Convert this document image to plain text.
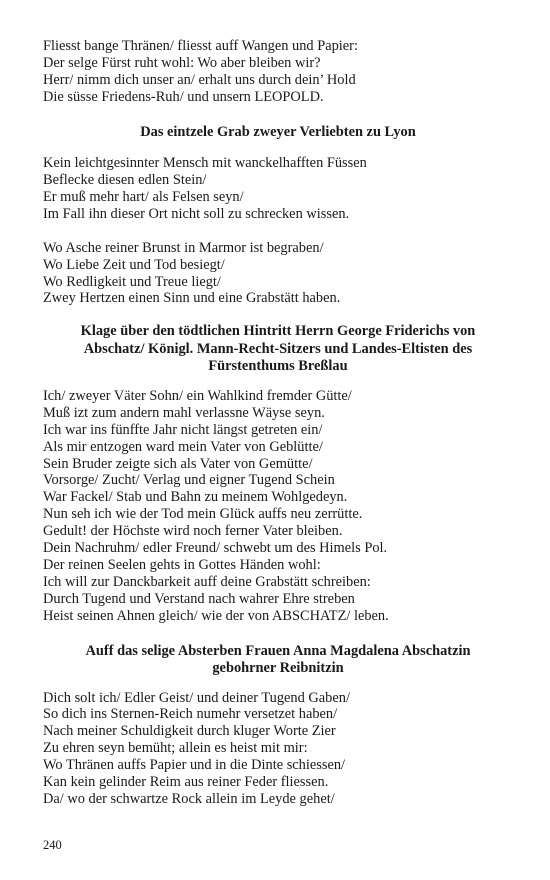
Fliesst bange Thränen/ fliesst auff Wangen und Papier:
Der selge Fürst ruht wohl: Wo aber bleiben wir?
Herr/ nimm dich unser an/ erhalt uns durch dein’ Hold
Die süsse Friedens-Ruh/ und unsern LEOPOLD.
Das eintzele Grab zweyer Verliebten zu Lyon
Kein leichtgesinnter Mensch mit wanckelhafften Füssen
Beflecke diesen edlen Stein/
Er muß mehr hart/ als Felsen seyn/
Im Fall ihn dieser Ort nicht soll zu schrecken wissen.
Wo Asche reiner Brunst in Marmor ist begraben/
Wo Liebe Zeit und Tod besiegt/
Wo Redligkeit und Treue liegt/
Zwey Hertzen einen Sinn und eine Grabstätt haben.
Klage über den tödtlichen Hintritt Herrn George Friderichs von
Abschatz/ Königl. Mann-Recht-Sitzers und Landes-Eltisten des
Fürstenthums Breßlau
Ich/ zweyer Väter Sohn/ ein Wahlkind fremder Gütte/
Muß izt zum andern mahl verlassne Wäyse seyn.
Ich war ins fünffte Jahr nicht längst getreten ein/
Als mir entzogen ward mein Vater von Geblütte/
Sein Bruder zeigte sich als Vater von Gemütte/
Vorsorge/ Zucht/ Verlag und eigner Tugend Schein
War Fackel/ Stab und Bahn zu meinem Wohlgedeyn.
Nun seh ich wie der Tod mein Glück auffs neu zerrütte.
Gedult! der Höchste wird noch ferner Vater bleiben.
Dein Nachruhm/ edler Freund/ schwebt um des Himels Pol.
Der reinen Seelen gehts in Gottes Händen wohl:
Ich will zur Danckbarkeit auff deine Grabstätt schreiben:
Durch Tugend und Verstand nach wahrer Ehre streben
Heist seinen Ahnen gleich/ wie der von ABSCHATZ/ leben.
Auff das selige Absterben Frauen Anna Magdalena Abschatzin
gebohrner Reibnitzin
Dich solt ich/ Edler Geist/ und deiner Tugend Gaben/
So dich ins Sternen-Reich numehr versetzet haben/
Nach meiner Schuldigkeit durch kluger Worte Zier
Zu ehren seyn bemüht; allein es heist mit mir:
Wo Thränen auffs Papier und in die Dinte schiessen/
Kan kein gelinder Reim aus reiner Feder fliessen.
Da/ wo der schwartze Rock allein im Leyde gehet/
240
